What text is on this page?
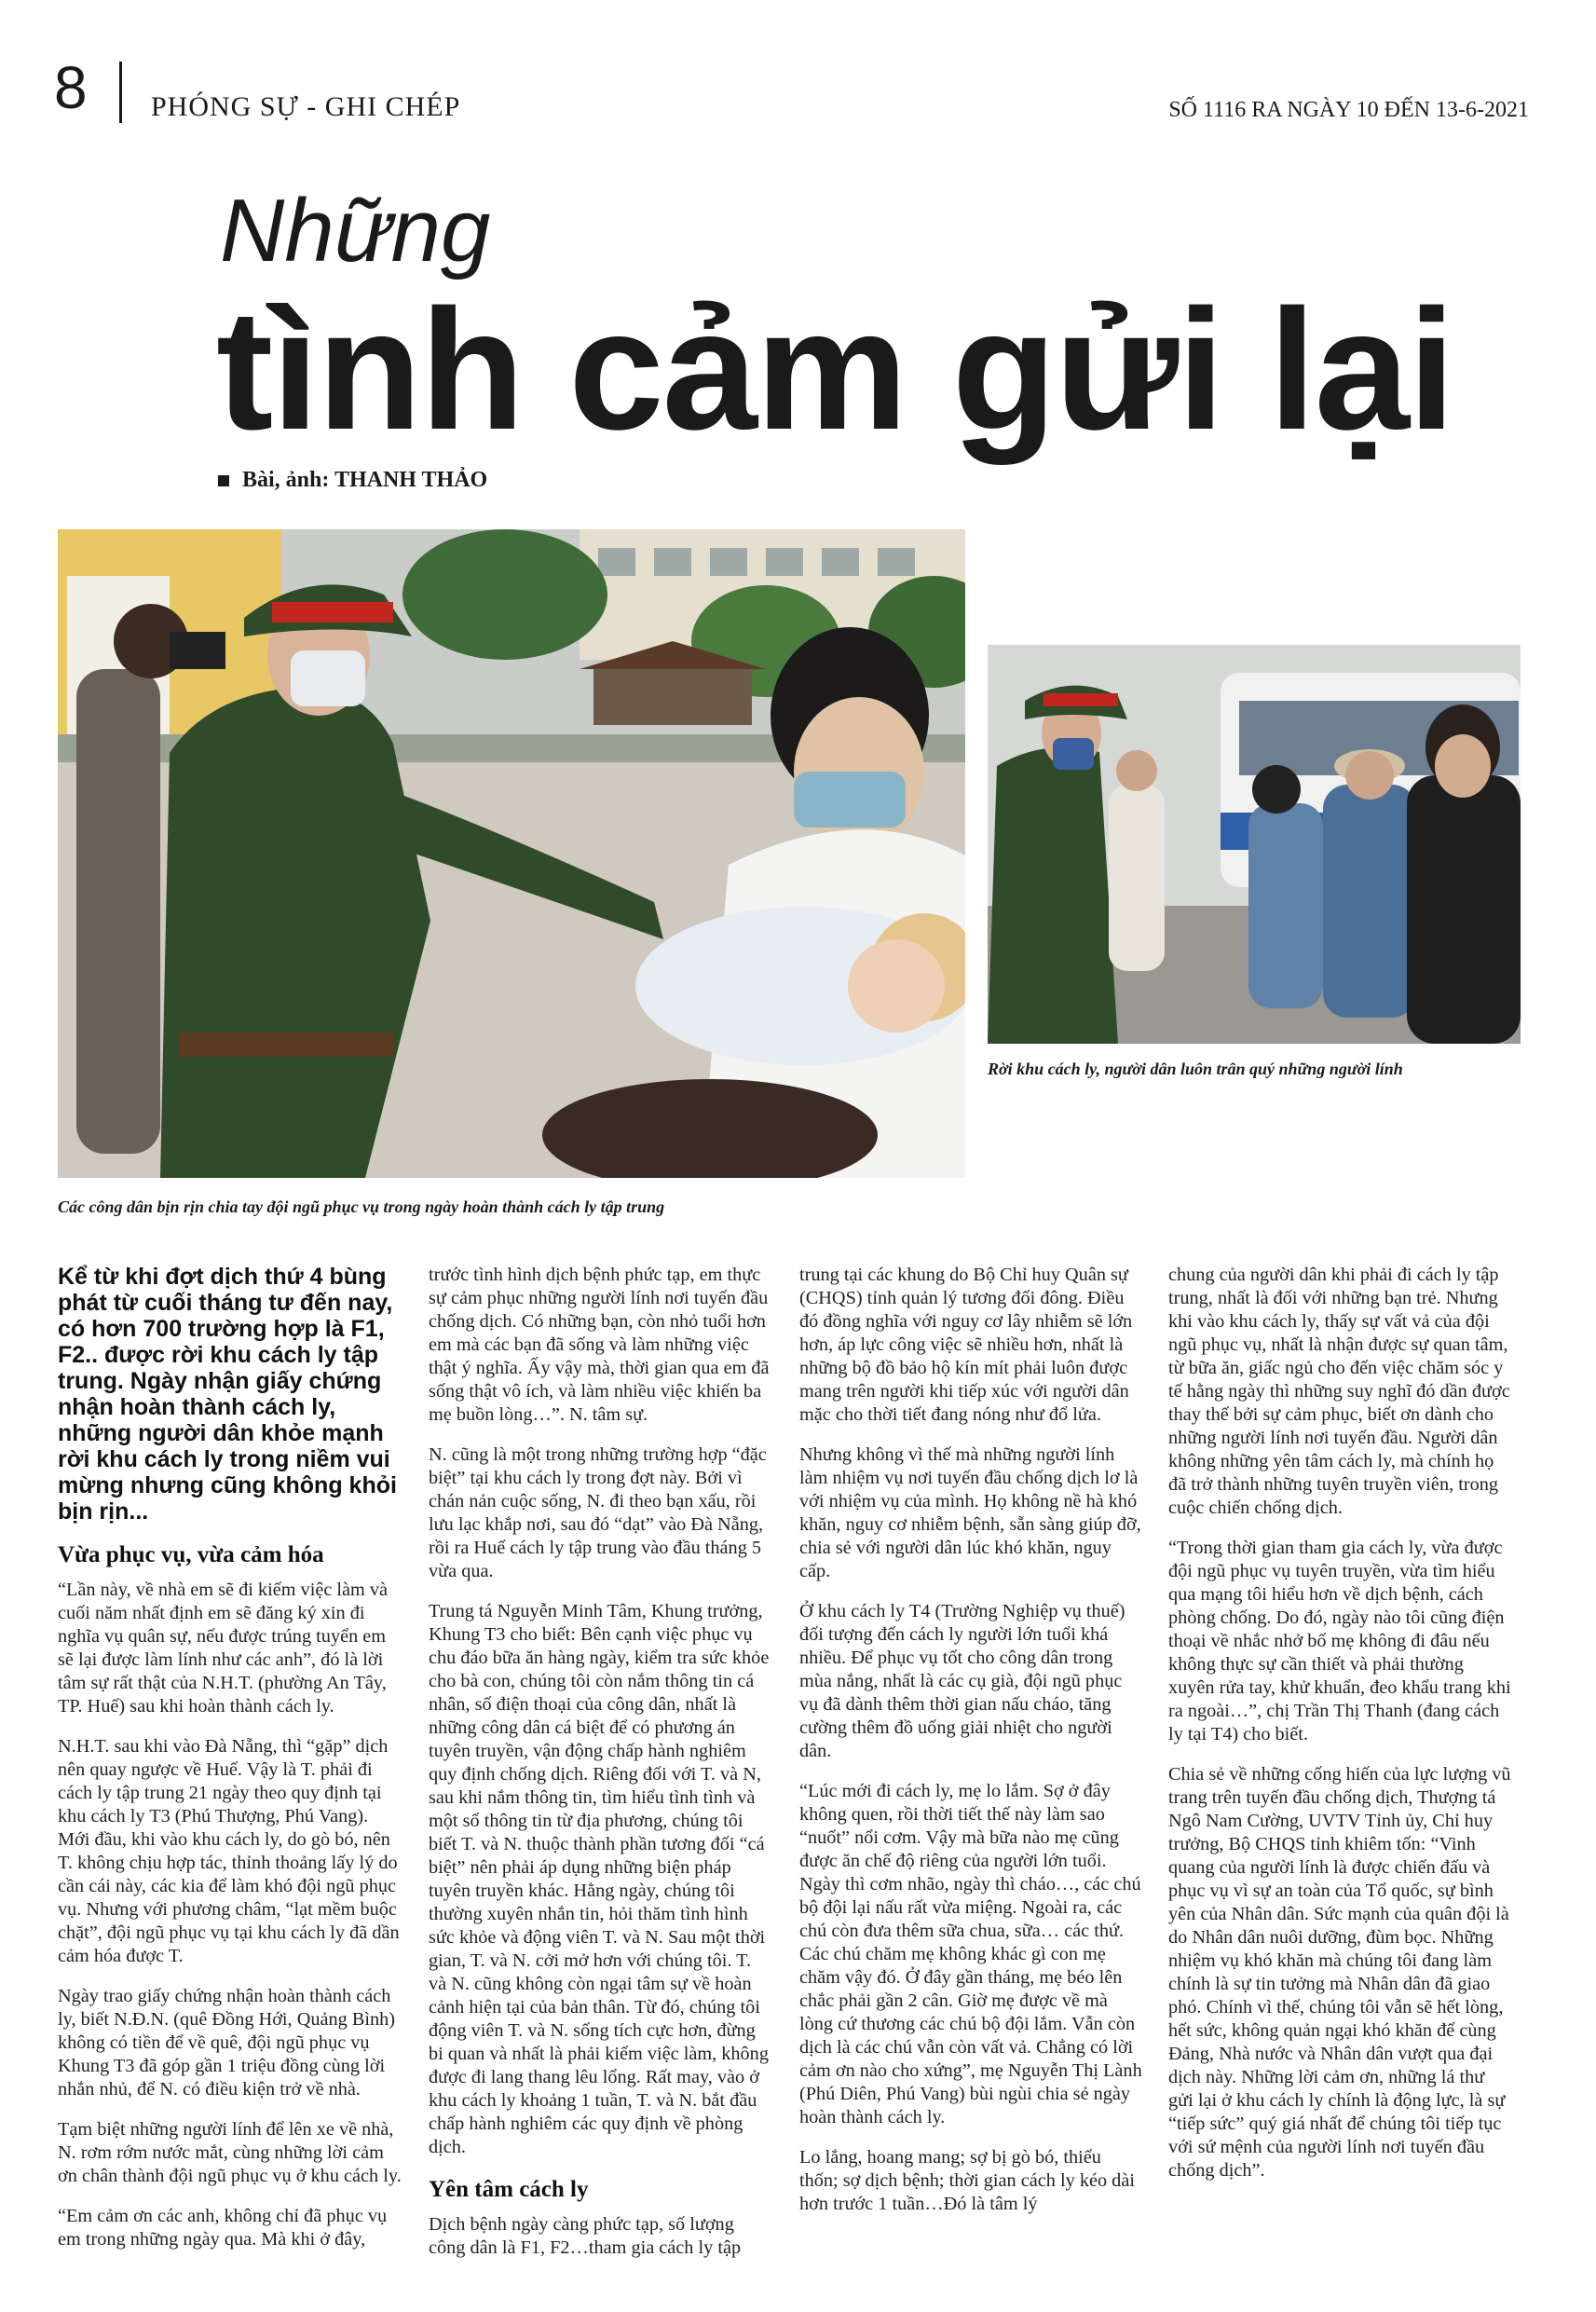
8 PHÓNG SỰ - GHI CHÉP	SỐ 1116 RA NGÀY 10 ĐẾN 13-6-2021
Những
tình cảm gửi lại
Bài, ảnh: THANH THẢO
Rời khu cách ly, người dân luôn trân quý những người lính
Các công dân bịn rịn chia tay đội ngũ phục vụ trong ngày hoàn thành cách ly tập trung

Kể từ khi đợt dịch thứ 4 bùng phát từ cuối tháng tư đến nay, có hơn 700 trường hợp là F1, F2.. được rời khu cách ly tập trung. Ngày nhận giấy chứng nhận hoàn thành cách ly, những người dân khỏe mạnh rời khu cách ly trong niềm vui mừng nhưng cũng không khỏi bịn rịn...

Vừa phục vụ, vừa cảm hóa

“Lần này, về nhà em sẽ đi kiếm việc làm và cuối năm nhất định em sẽ đăng ký xin đi nghĩa vụ quân sự, nếu được trúng tuyển em sẽ lại được làm lính như các anh”, đó là lời tâm sự rất thật của N.H.T. (phường An Tây, TP. Huế) sau khi hoàn thành cách ly.

N.H.T. sau khi vào Đà Nẵng, thì “gặp” dịch nên quay ngược về Huế. Vậy là T. phải đi cách ly tập trung 21 ngày theo quy định tại khu cách ly T3 (Phú Thượng, Phú Vang). Mới đầu, khi vào khu cách ly, do gò bó, nên T. không chịu hợp tác, thỉnh thoảng lấy lý do cần cái này, các kia để làm khó đội ngũ phục vụ. Nhưng với phương châm, “lạt mềm buộc chặt”, đội ngũ phục vụ tại khu cách ly đã dần cảm hóa được T.

Ngày trao giấy chứng nhận hoàn thành cách ly, biết N.Đ.N. (quê Đồng Hới, Quảng Bình) không có tiền để về quê, đội ngũ phục vụ Khung T3 đã góp gần 1 triệu đồng cùng lời nhắn nhủ, để N. có điều kiện trở về nhà.

Tạm biệt những người lính để lên xe về nhà, N. rơm rớm nước mắt, cùng những lời cảm ơn chân thành đội ngũ phục vụ ở khu cách ly.

“Em cảm ơn các anh, không chỉ đã phục vụ em trong những ngày qua. Mà khi ở đây,

trước tình hình dịch bệnh phức tạp, em thực sự cảm phục những người lính nơi tuyến đầu chống dịch. Có những bạn, còn nhỏ tuổi hơn em mà các bạn đã sống và làm những việc thật ý nghĩa. Ấy vậy mà, thời gian qua em đã sống thật vô ích, và làm nhiều việc khiến ba mẹ buồn lòng…”. N. tâm sự.

N. cũng là một trong những trường hợp “đặc biệt” tại khu cách ly trong đợt này. Bởi vì chán nản cuộc sống, N. đi theo bạn xấu, rồi lưu lạc khắp nơi, sau đó “dạt” vào Đà Nẵng, rồi ra Huế cách ly tập trung vào đầu tháng 5 vừa qua.

Trung tá Nguyễn Minh Tâm, Khung trưởng, Khung T3 cho biết: Bên cạnh việc phục vụ chu đáo bữa ăn hàng ngày, kiểm tra sức khỏe cho bà con, chúng tôi còn nắm thông tin cá nhân, số điện thoại của công dân, nhất là những công dân cá biệt để có phương án tuyên truyền, vận động chấp hành nghiêm quy định chống dịch. Riêng đối với T. và N, sau khi nắm thông tin, tìm hiểu tình tình và một số thông tin từ địa phương, chúng tôi biết T. và N. thuộc thành phần tương đối “cá biệt” nên phải áp dụng những biện pháp tuyên truyền khác. Hằng ngày, chúng tôi thường xuyên nhắn tin, hỏi thăm tình hình sức khỏe và động viên T. và N. Sau một thời gian, T. và N. cởi mở hơn với chúng tôi. T. và N. cũng không còn ngại tâm sự về hoàn cảnh hiện tại của bản thân. Từ đó, chúng tôi động viên T. và N. sống tích cực hơn, đừng bi quan và nhất là phải kiếm việc làm, không được đi lang thang lêu lổng. Rất may, vào ở khu cách ly khoảng 1 tuần, T. và N. bắt đầu chấp hành nghiêm các quy định về phòng dịch.

Yên tâm cách ly

Dịch bệnh ngày càng phức tạp, số lượng công dân là F1, F2…tham gia cách ly tập

trung tại các khung do Bộ Chỉ huy Quân sự (CHQS) tỉnh quản lý tương đối đông. Điều đó đồng nghĩa với nguy cơ lây nhiễm sẽ lớn hơn, áp lực công việc sẽ nhiều hơn, nhất là những bộ đồ bảo hộ kín mít phải luôn được mang trên người khi tiếp xúc với người dân mặc cho thời tiết đang nóng như đổ lửa.

Nhưng không vì thế mà những người lính làm nhiệm vụ nơi tuyến đầu chống dịch lơ là với nhiệm vụ của mình. Họ không nề hà khó khăn, nguy cơ nhiễm bệnh, sẵn sàng giúp đỡ, chia sẻ với người dân lúc khó khăn, nguy cấp.

Ở khu cách ly T4 (Trường Nghiệp vụ thuế) đối tượng đến cách ly người lớn tuổi khá nhiều. Để phục vụ tốt cho công dân trong mùa nắng, nhất là các cụ già, đội ngũ phục vụ đã dành thêm thời gian nấu cháo, tăng cường thêm đồ uống giải nhiệt cho người dân.

“Lúc mới đi cách ly, mẹ lo lắm. Sợ ở đây không quen, rồi thời tiết thế này làm sao “nuốt” nổi cơm. Vậy mà bữa nào mẹ cũng được ăn chế độ riêng của người lớn tuổi. Ngày thì cơm nhão, ngày thì cháo…, các chú bộ đội lại nấu rất vừa miệng. Ngoài ra, các chú còn đưa thêm sữa chua, sữa… các thứ. Các chú chăm mẹ không khác gì con mẹ chăm vậy đó. Ở đây gần tháng, mẹ béo lên chắc phải gần 2 cân. Giờ mẹ được về mà lòng cứ thương các chú bộ đội lắm. Vẫn còn dịch là các chú vẫn còn vất vả. Chẳng có lời cảm ơn nào cho xứng”, mẹ Nguyễn Thị Lành (Phú Diên, Phú Vang) bùi ngùi chia sẻ ngày hoàn thành cách ly.

Lo lắng, hoang mang; sợ bị gò bó, thiếu thốn; sợ dịch bệnh; thời gian cách ly kéo dài hơn trước 1 tuần…Đó là tâm lý

chung của người dân khi phải đi cách ly tập trung, nhất là đối với những bạn trẻ. Nhưng khi vào khu cách ly, thấy sự vất vả của đội ngũ phục vụ, nhất là nhận được sự quan tâm, từ bữa ăn, giấc ngủ cho đến việc chăm sóc y tế hằng ngày thì những suy nghĩ đó dần được thay thế bởi sự cảm phục, biết ơn dành cho những người lính nơi tuyến đầu. Người dân không những yên tâm cách ly, mà chính họ đã trở thành những tuyên truyền viên, trong cuộc chiến chống dịch.

“Trong thời gian tham gia cách ly, vừa được đội ngũ phục vụ tuyên truyền, vừa tìm hiểu qua mạng tôi hiểu hơn về dịch bệnh, cách phòng chống. Do đó, ngày nào tôi cũng điện thoại về nhắc nhở bố mẹ không đi đâu nếu không thực sự cần thiết và phải thường xuyên rửa tay, khử khuẩn, đeo khẩu trang khi ra ngoài…”, chị Trần Thị Thanh (đang cách ly tại T4) cho biết.

Chia sẻ về những cống hiến của lực lượng vũ trang trên tuyến đầu chống dịch, Thượng tá Ngô Nam Cường, UVTV Tỉnh ủy, Chỉ huy trưởng, Bộ CHQS tỉnh khiêm tốn: “Vinh quang của người lính là được chiến đấu và phục vụ vì sự an toàn của Tổ quốc, sự bình yên của Nhân dân. Sức mạnh của quân đội là do Nhân dân nuôi dưỡng, đùm bọc. Những nhiệm vụ khó khăn mà chúng tôi đang làm chính là sự tin tưởng mà Nhân dân đã giao phó. Chính vì thế, chúng tôi vẫn sẽ hết lòng, hết sức, không quản ngại khó khăn để cùng Đảng, Nhà nước và Nhân dân vượt qua đại dịch này. Những lời cảm ơn, những lá thư gửi lại ở khu cách ly chính là động lực, là sự “tiếp sức” quý giá nhất để chúng tôi tiếp tục với sứ mệnh của người lính nơi tuyến đầu chống dịch”.
